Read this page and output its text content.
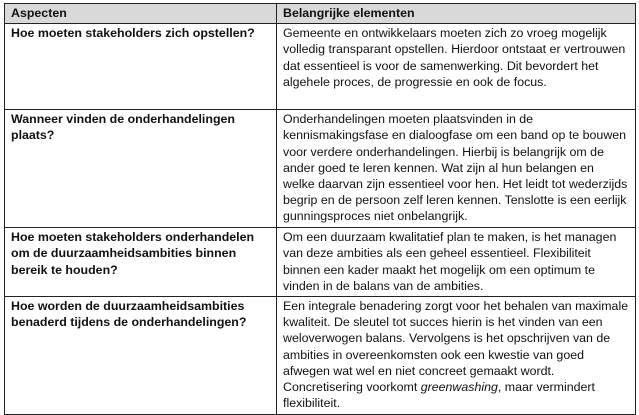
Aspecten	Belangrijke elementen
Hoe moeten stakeholders zich opstellen?	Gemeente en ontwikkelaars moeten zich zo vroeg mogelijk volledig transparant opstellen. Hierdoor ontstaat er vertrouwen dat essentieel is voor de samenwerking. Dit bevordert het algehele proces, de progressie en ook de focus.
Wanneer vinden de onderhandelingen plaats?	Onderhandelingen moeten plaatsvinden in de kennismakingsfase en dialoogfase om een band op te bouwen voor verdere onderhandelingen. Hierbij is belangrijk om de ander goed te leren kennen. Wat zijn al hun belangen en welke daarvan zijn essentieel voor hen. Het leidt tot wederzijds begrip en de persoon zelf leren kennen. Tenslotte is een eerlijk gunningsproces niet onbelangrijk.
Hoe moeten stakeholders onderhandelen om de duurzaamheidsambities binnen bereik te houden?	Om een duurzaam kwalitatief plan te maken, is het managen van deze ambities als een geheel essentieel. Flexibiliteit binnen een kader maakt het mogelijk om een optimum te vinden in de balans van de ambities.
Hoe worden de duurzaamheidsambities benaderd tijdens de onderhandelingen?	Een integrale benadering zorgt voor het behalen van maximale kwaliteit. De sleutel tot succes hierin is het vinden van een weloverwogen balans. Vervolgens is het opschrijven van de ambities in overeenkomsten ook een kwestie van goed afwegen wat wel en niet concreet gemaakt wordt. Concretisering voorkomt greenwashing, maar vermindert flexibiliteit.
